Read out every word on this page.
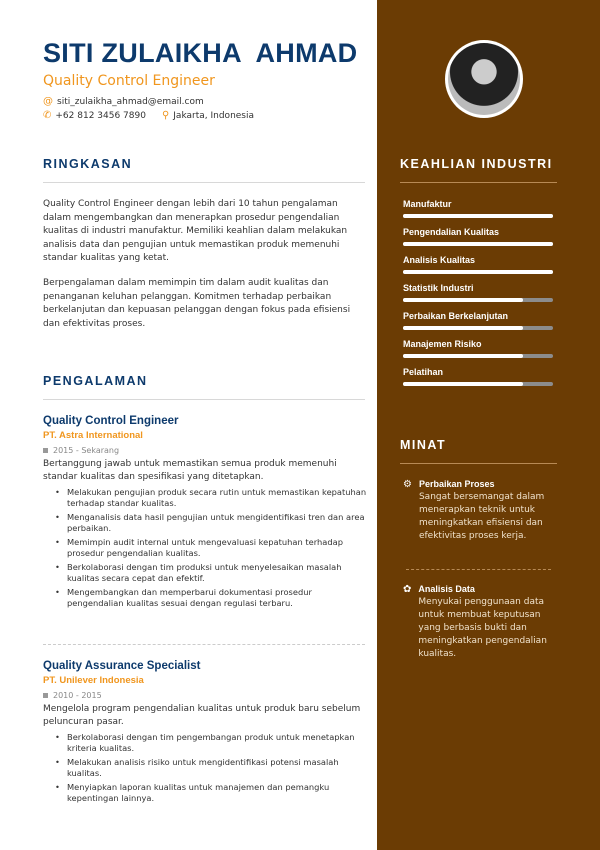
SITI ZULAIKHA  AHMAD
Quality Control Engineer
@ siti_zulaikha_ahmad@email.com
✆ +62 812 3456 7890 ⚲ Jakarta, Indonesia
RINGKASAN
Quality Control Engineer dengan lebih dari 10 tahun pengalaman dalam mengembangkan dan menerapkan prosedur pengendalian kualitas di industri manufaktur. Memiliki keahlian dalam melakukan analisis data dan pengujian untuk memastikan produk memenuhi standar kualitas yang ketat.
Berpengalaman dalam memimpin tim dalam audit kualitas dan penanganan keluhan pelanggan. Komitmen terhadap perbaikan berkelanjutan dan kepuasan pelanggan dengan fokus pada efisiensi dan efektivitas proses.
PENGALAMAN
Quality Control Engineer
PT. Astra International
2015 - Sekarang
Bertanggung jawab untuk memastikan semua produk memenuhi standar kualitas dan spesifikasi yang ditetapkan.
• Melakukan pengujian produk secara rutin untuk memastikan kepatuhan terhadap standar kualitas.
• Menganalisis data hasil pengujian untuk mengidentifikasi tren dan area perbaikan.
• Memimpin audit internal untuk mengevaluasi kepatuhan terhadap prosedur pengendalian kualitas.
• Berkolaborasi dengan tim produksi untuk menyelesaikan masalah kualitas secara cepat dan efektif.
• Mengembangkan dan memperbarui dokumentasi prosedur pengendalian kualitas sesuai dengan regulasi terbaru.
Quality Assurance Specialist
PT. Unilever Indonesia
2010 - 2015
Mengelola program pengendalian kualitas untuk produk baru sebelum peluncuran pasar.
• Berkolaborasi dengan tim pengembangan produk untuk menetapkan kriteria kualitas.
• Melakukan analisis risiko untuk mengidentifikasi potensi masalah kualitas.
• Menyiapkan laporan kualitas untuk manajemen dan pemangku kepentingan lainnya.
KEAHLIAN INDUSTRI
Manufaktur
Pengendalian Kualitas
Analisis Kualitas
Statistik Industri
Perbaikan Berkelanjutan
Manajemen Risiko
Pelatihan
MINAT
⚙ Perbaikan Proses
Sangat bersemangat dalam menerapkan teknik untuk meningkatkan efisiensi dan efektivitas proses kerja.
✿ Analisis Data
Menyukai penggunaan data untuk membuat keputusan yang berbasis bukti dan meningkatkan pengendalian kualitas.
